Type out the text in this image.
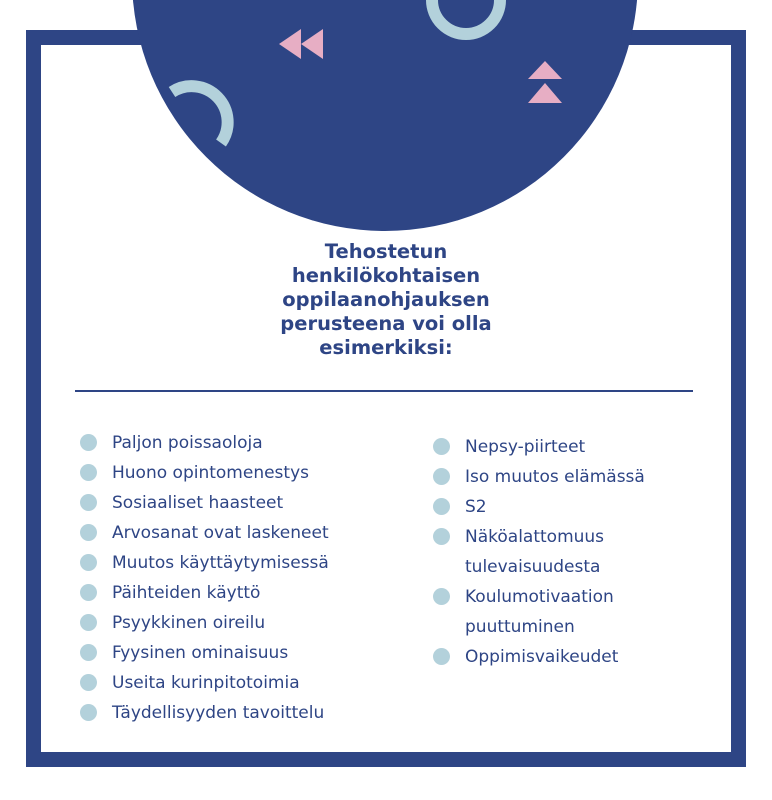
Tehostetun henkilökohtaisen oppilaanohjauksen perusteena voi olla esimerkiksi:
Paljon poissaoloja
Huono opintomenestys
Sosiaaliset haasteet
Arvosanat ovat laskeneet
Muutos käyttäytymisessä
Päihteiden käyttö
Psyykkinen oireilu
Fyysinen ominaisuus
Useita kurinpitotoimia
Täydellisyyden tavoittelu
Nepsy-piirteet
Iso muutos elämässä
S2
Näköalattomuus tulevaisuudesta
Koulumotivaation puuttuminen
Oppimisvaikeudet
